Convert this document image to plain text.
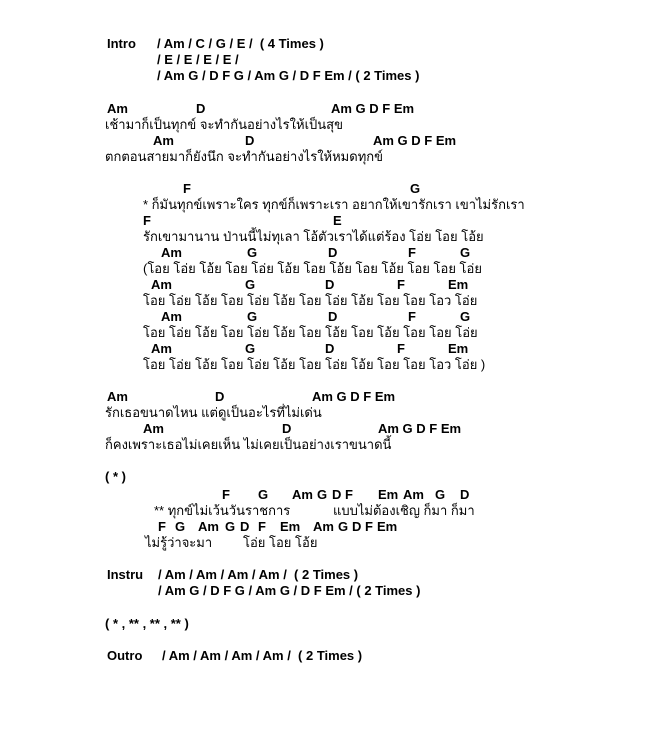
Intro / Am / C / G / E /  ( 4 Times )
/ E / E / E / E /
/ Am G / D F G / Am G / D F Em / ( 2 Times )
Am	D	Am G D F Em
เช้ามาก็เป็นทุกข์ จะทำกันอย่างไรให้เป็นสุข
Am	D	Am G D F Em
ตกตอนสายมาก็ยังนึก จะทำกันอย่างไรให้หมดทุกข์
F	G
* ก็มันทุกข์เพราะใคร ทุกข์ก็เพราะเรา อยากให้เขารักเรา เขาไม่รักเรา
F	E
รักเขามานาน ป่านนี้ไม่ทุเลา โอ้ตัวเราได้แต่ร้อง โอ่ย โอย โอ้ย
Am	G	D	F	G
(โอย โอ่ย โอ้ย โอย โอ่ย โอ้ย โอย โอ้ย โอย โอ้ย โอย โอย โอ่ย
Am	G	D	F	Em
โอย โอ่ย โอ้ย โอย โอ่ย โอ้ย โอย โอ่ย โอ้ย โอย โอย โอว โอ่ย
Am	G	D	F	G
โอย โอ่ย โอ้ย โอย โอ่ย โอ้ย โอย โอ้ย โอย โอ้ย โอย โอย โอ่ย
Am	G	D	F	Em
โอย โอ่ย โอ้ย โอย โอ่ย โอ้ย โอย โอ่ย โอ้ย โอย โอย โอว โอ่ย )
Am	D	Am G D F Em
รักเธอขนาดไหน แต่ดูเป็นอะไรที่ไม่เด่น
Am	D	Am G D F Em
ก็คงเพราะเธอไม่เคยเห็น ไม่เคยเป็นอย่างเราขนาดนี้
( * )
F G Am G D F Em Am G D
** ทุกข์ไม่เว้นวันราชการ	แบบไม่ต้องเชิญ ก็มา ก็มา
F G Am G D F Em Am G D F Em
ไม่รู้ว่าจะมา โอ่ย โอย โอ้ย
Instru / Am / Am / Am / Am /  ( 2 Times )
/ Am G / D F G / Am G / D F Em / ( 2 Times )
( * , ** , ** , ** )
Outro / Am / Am / Am / Am /  ( 2 Times )
